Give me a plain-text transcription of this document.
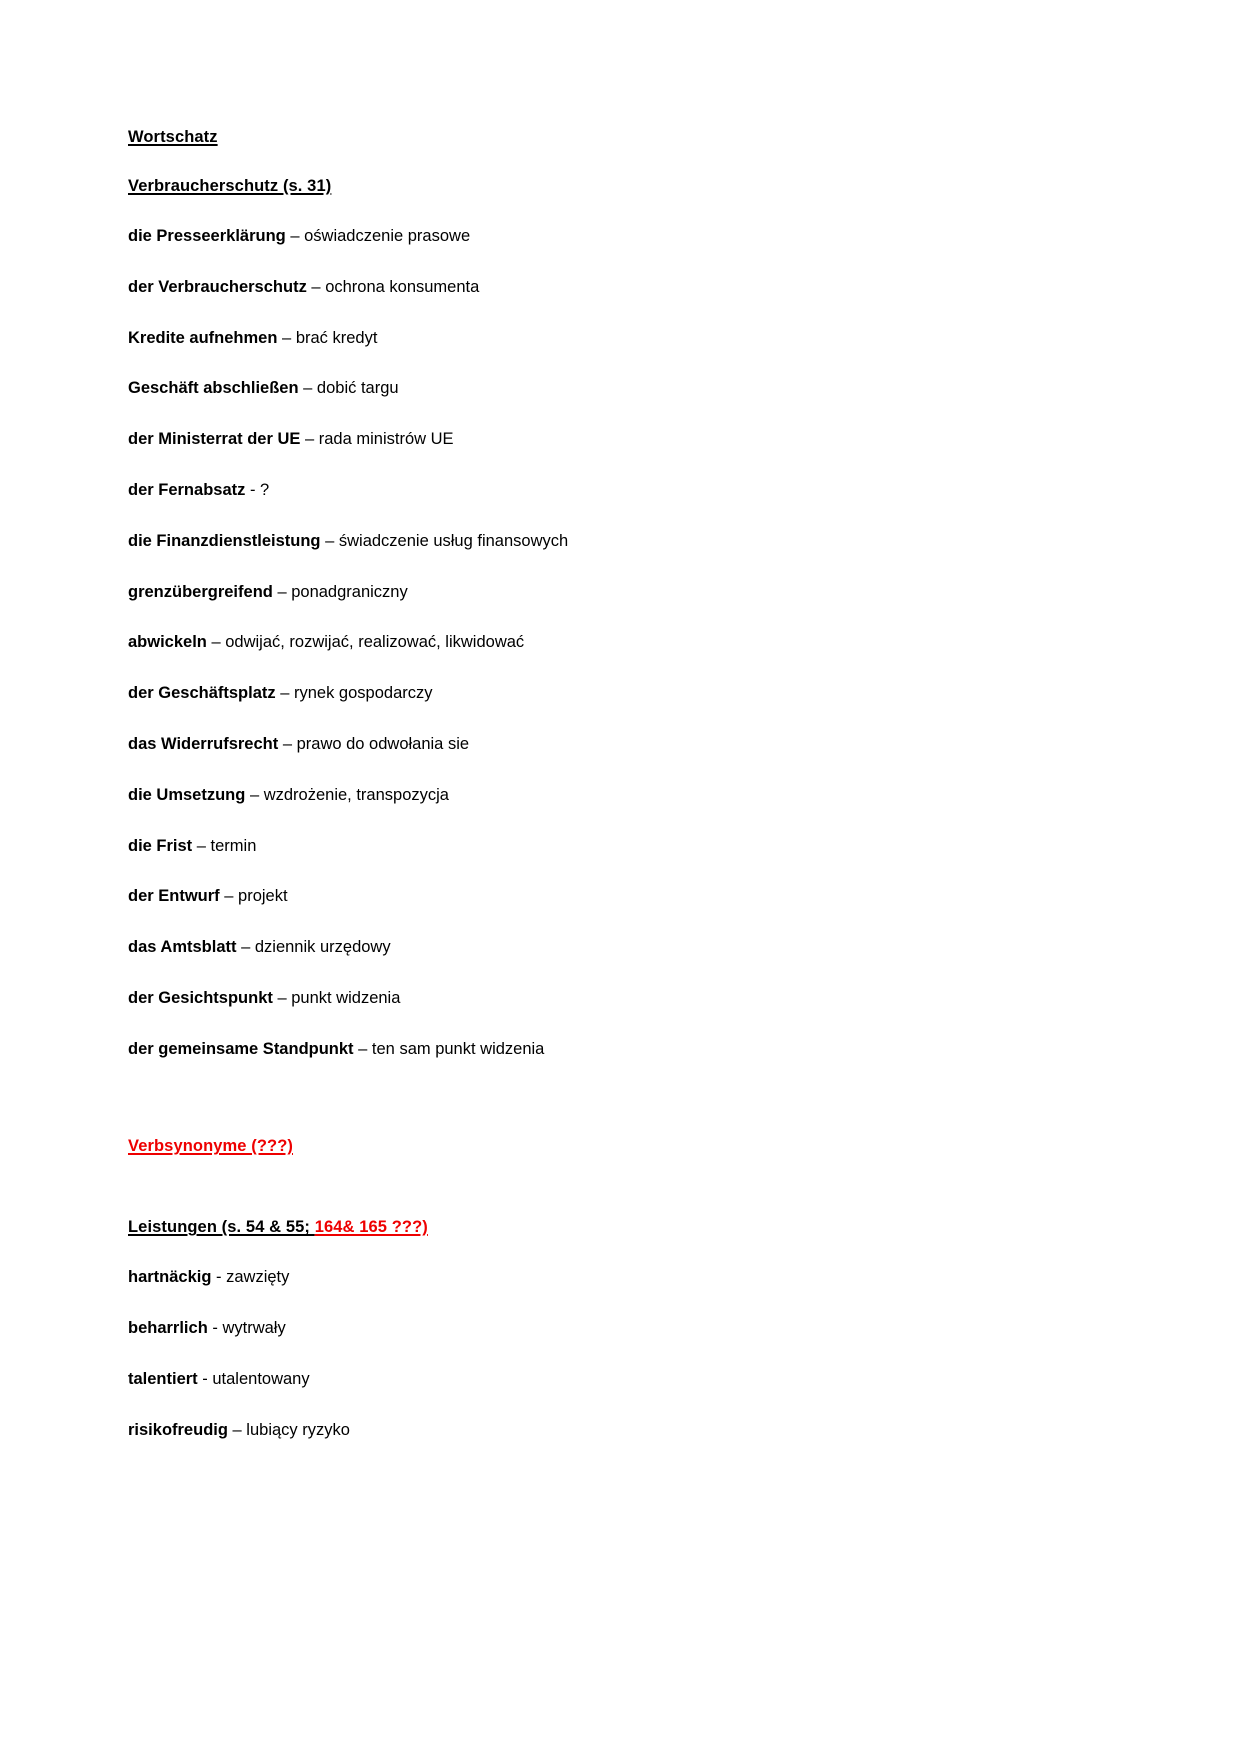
Wortschatz
Verbraucherschutz (s. 31)
die Presseerklärung – oświadczenie prasowe
der Verbraucherschutz – ochrona konsumenta
Kredite aufnehmen – brać kredyt
Geschäft abschließen – dobić targu
der Ministerrat der UE – rada ministrów UE
der Fernabsatz - ?
die Finanzdienstleistung – świadczenie usług finansowych
grenzübergreifend – ponadgraniczny
abwickeln – odwijać, rozwijać, realizować, likwidować
der Geschäftsplatz – rynek gospodarczy
das Widerrufsrecht – prawo do odwołania sie
die Umsetzung – wzdrożenie, transpozycja
die Frist – termin
der Entwurf – projekt
das Amtsblatt – dziennik urzędowy
der Gesichtspunkt – punkt widzenia
der gemeinsame Standpunkt – ten sam punkt widzenia
Verbsynonyme (???)
Leistungen (s. 54 & 55; 164& 165 ???)
hartnäckig - zawzięty
beharrlich - wytrwały
talentiert - utalentowany
risikofreudig – lubiący ryzyko
